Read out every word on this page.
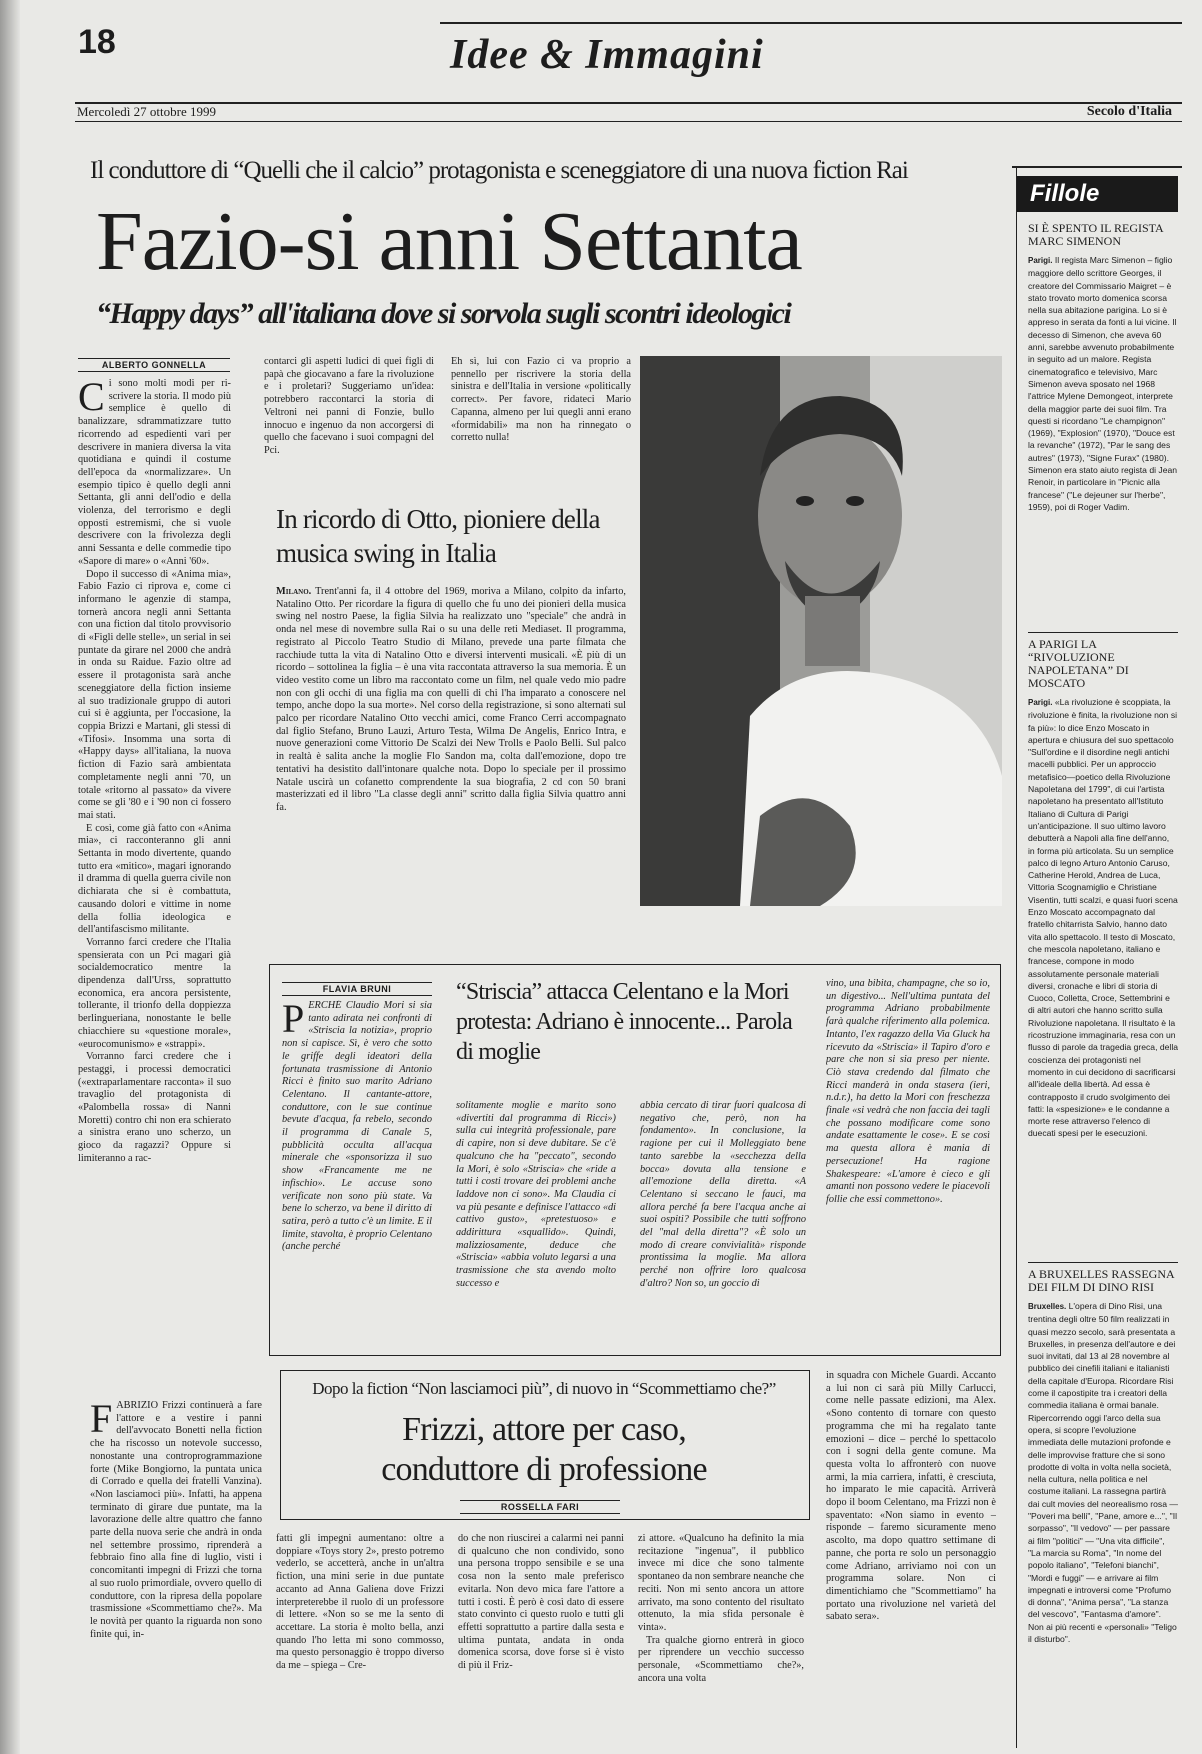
18	Idee & Immagini
Mercoledì 27 ottobre 1999	Secolo d'Italia
Il conduttore di “Quelli che il calcio” protagonista e sceneggiatore di una nuova fiction Rai
Fazio-si anni Settanta
“Happy days” all'italiana dove si sorvola sugli scontri ideologici
ALBERTO GONNELLA
C i sono molti modi per ri-scrivere la storia. Il modo più semplice è quello di banalizzare, sdrammatizzare tutto ricorrendo ad espedienti vari per descrivere in maniera diversa la vita quotidiana e quindi il costume dell'epoca da «normalizzare». Un esempio tipico è quello degli anni Settanta, gli anni dell'odio e della violenza, del terrorismo e degli opposti estremismi, che si vuole descrivere con la frivolezza degli anni Sessanta e delle commedie tipo «Sapore di mare» o «Anni '60».

Dopo il successo di «Anima mia», Fabio Fazio ci riprova e, come ci informano le agenzie di stampa, tornerà ancora negli anni Settanta con una fiction dal titolo provvisorio di «Figli delle stelle», un serial in sei puntate da girare nel 2000 che andrà in onda su Raidue. Fazio oltre ad essere il protagonista sarà anche sceneggiatore della fiction insieme al suo tradizionale gruppo di autori cui si è aggiunta, per l'occasione, la coppia Brizzi e Martani, gli stessi di «Tifosi». Insomma una sorta di «Happy days» all'italiana, la nuova fiction di Fazio sarà ambientata completamente negli anni '70, un totale «ritorno al passato» da vivere come se gli '80 e i '90 non ci fossero mai stati.

E così, come già fatto con «Anima mia», ci racconteranno gli anni Settanta in modo divertente, quando tutto era «mitico», magari ignorando il dramma di quella guerra civile non dichiarata che si è combattuta, causando dolori e vittime in nome della follia ideologica e dell'antifascismo militante.

Vorranno farci credere che l'Italia spensierata con un Pci magari già socialdemocratico mentre la dipendenza dall'Urss, soprattutto economica, era ancora persistente, tollerante, il trionfo della doppiezza berlingueriana, nonostante le belle chiacchiere su «questione morale», «eurocomunismo» e «strappi».

Vorranno farci credere che i pestaggi, i processi democratici («extraparlamentare racconta» il suo travaglio del protagonista di «Palombella rossa» di Nanni Moretti) contro chi non era schierato a sinistra erano uno scherzo, un gioco da ragazzi? Oppure si limiteranno a rac-

contarci gli aspetti ludici di quei figli di papà che giocavano a fare la rivoluzione e i proletari? Suggeriamo un'idea: potrebbero raccontarci la storia di Veltroni nei panni di Fonzie, bullo innocuo e ingenuo da non accorgersi di quello che facevano i suoi compagni del Pci.

Eh sì, lui con Fazio ci va proprio a pennello per riscrivere la storia della sinistra e dell'Italia in versione «politically correct». Per favore, ridateci Mario Capanna, almeno per lui quegli anni erano «formidabili» ma non ha rinnegato o corretto nulla!

In ricordo di Otto, pioniere della musica swing in Italia

Milano. Trent'anni fa, il 4 ottobre del 1969, moriva a Milano, colpito da infarto, Natalino Otto. Per ricordare la figura di quello che fu uno dei pionieri della musica swing nel nostro Paese, la figlia Silvia ha realizzato uno "speciale" che andrà in onda nel mese di novembre sulla Rai o su una delle reti Mediaset. Il programma, registrato al Piccolo Teatro Studio di Milano, prevede una parte filmata che racchiude tutta la vita di Natalino Otto e diversi interventi musicali. «È più di un ricordo – sottolinea la figlia – è una vita raccontata attraverso la sua memoria. È un video vestito come un libro ma raccontato come un film, nel quale vedo mio padre non con gli occhi di una figlia ma con quelli di chi l'ha imparato a conoscere nel tempo, anche dopo la sua morte». Nel corso della registrazione, si sono alternati sul palco per ricordare Natalino Otto vecchi amici, come Franco Cerri accompagnato dal figlio Stefano, Bruno Lauzi, Arturo Testa, Wilma De Angelis, Enrico Intra, e nuove generazioni come Vittorio De Scalzi dei New Trolls e Paolo Belli. Sul palco in realtà è salita anche la moglie Flo Sandon ma, colta dall'emozione, dopo tre tentativi ha desistito dall'intonare qualche nota. Dopo lo speciale per il prossimo Natale uscirà un cofanetto comprendente la sua biografia, 2 cd con 50 brani masterizzati ed il libro "La classe degli anni" scritto dalla figlia Silvia quattro anni fa.

FLAVIA BRUNI	“Striscia” attacca Celentano e la Mori protesta: Adriano è innocente... Parola di moglie
P ERCHÉ Claudio Mori si sia tanto adirata nei confronti di «Striscia la notizia», proprio non si capisce. Sì, è vero che sotto le griffe degli ideatori della fortunata trasmissione di Antonio Ricci è finito suo marito Adriano Celentano. Il cantante-attore, conduttore, con le sue continue bevute d'acqua, fa rebelo, secondo il programma di Canale 5, pubblicità occulta all'acqua minerale che «sponsorizza il suo show «Francamente me ne infischio». Le accuse sono verificate non sono più state. Va bene lo scherzo, va bene il diritto di satira, però a tutto c'è un limite. E il limite, stavolta, è proprio Celentano (anche perché

solitamente moglie e marito sono «divertiti dal programma di Ricci») sulla cui integrità professionale, pare di capire, non si deve dubitare. Se c'è qualcuno che ha "peccato", secondo la Mori, è solo «Striscia» che «ride a tutti i costi trovare dei problemi anche laddove non ci sono». Ma Claudia ci va più pesante e definisce l'attacco «di cattivo gusto», «pretestuoso» e addirittura «squallido». Quindi, malizziosamente, deduce che «Striscia» «abbia voluto legarsi a una trasmissione che sta avendo molto successo e

abbia cercato di tirar fuori qualcosa di negativo che, però, non ha fondamento». In conclusione, la ragione per cui il Molleggiato bene tanto sarebbe la «secchezza della bocca» dovuta alla tensione e all'emozione della diretta. «A Celentano si seccano le fauci, ma allora perché fa bere l'acqua anche ai suoi ospiti? Possibile che tutti soffrono del "mal della diretta"? «È solo un modo di creare convivialità» risponde prontissima la moglie. Ma allora perché non offrire loro qualcosa d'altro? Non so, un goccio di

vino, una bibita, champagne, che so io, un digestivo... Nell'ultima puntata del programma Adriano probabilmente farà qualche riferimento alla polemica. Intanto, l'ex ragazzo della Via Gluck ha ricevuto da «Striscia» il Tapiro d'oro e pare che non si sia preso per niente. Ciò stava credendo dal filmato che Ricci manderà in onda stasera (ieri, n.d.r.), ha detto la Mori con freschezza finale «si vedrà che non faccia dei tagli che possano modificare come sono andate esattamente le cose». E se così ma questa allora è mania di persecuzione! Ha ragione Shakespeare: «L'amore è cieco e gli amanti non possono vedere le piacevoli follie che essi commettono».

Dopo la fiction “Non lasciamoci più”, di nuovo in “Scommettiamo che?”
Frizzi, attore per caso, conduttore di professione
ROSSELLA FARI
F ABRIZIO Frizzi continuerà a fare l'attore e a vestire i panni dell'avvocato Bonetti nella fiction che ha riscosso un notevole successo, nonostante una controprogrammazione forte (Mike Bongiorno, la puntata unica di Corrado e quella dei fratelli Vanzina). «Non lasciamoci più». Infatti, ha appena terminato di girare due puntate, ma la lavorazione delle altre quattro che fanno parte della nuova serie che andrà in onda nel settembre prossimo, riprenderà a febbraio fino alla fine di luglio, visti i concomitanti impegni di Frizzi che torna al suo ruolo primordiale, ovvero quello di conduttore, con la ripresa della popolare trasmissione «Scommettiamo che?». Ma le novità per quanto la riguarda non sono finite qui, in-

fatti gli impegni aumentano: oltre a doppiare «Toys story 2», presto potremo vederlo, se accetterà, anche in un'altra fiction, una mini serie in due puntate accanto ad Anna Galiena dove Frizzi interpreterebbe il ruolo di un professore di lettere. «Non so se me la sento di accettare. La storia è molto bella, anzi quando l'ho letta mi sono commosso, ma questo personaggio è troppo diverso da me – spiega – Cre-

do che non riuscirei a calarmi nei panni di qualcuno che non condivido, sono una persona troppo sensibile e se una cosa non la sento male preferisco evitarla. Non devo mica fare l'attore a tutti i costi. È però è così dato di essere stato convinto ci questo ruolo e tutti gli effetti soprattutto a partire dalla sesta e ultima puntata, andata in onda domenica scorsa, dove forse si è visto di più il Friz-

zi attore. «Qualcuno ha definito la mia recitazione "ingenua", il pubblico invece mi dice che sono talmente spontaneo da non sembrare neanche che reciti. Non mi sento ancora un attore arrivato, ma sono contento del risultato ottenuto, la mia sfida personale è vinta».

Tra qualche giorno entrerà in gioco per riprendere un vecchio successo personale, «Scommettiamo che?», ancora una volta

in squadra con Michele Guardì. Accanto a lui non ci sarà più Milly Carlucci, come nelle passate edizioni, ma Alex. «Sono contento di tornare con questo programma che mi ha regalato tante emozioni – dice – perché lo spettacolo con i sogni della gente comune. Ma questa volta lo affronterò con nuove armi, la mia carriera, infatti, è cresciuta, ho imparato le mie capacità. Arriverà dopo il boom Celentano, ma Frizzi non è spaventato: «Non siamo in evento – risponde – faremo sicuramente meno ascolto, ma dopo quattro settimane di panne, che porta re solo un personaggio come Adriano, arriviamo noi con un programma solare. Non ci dimentichiamo che "Scommettiamo" ha portato una rivoluzione nel varietà del sabato sera».

Fillole
SI È SPENTO IL REGISTA MARC SIMENON
Parigi. Il regista Marc Simenon – figlio maggiore dello scrittore Georges, il creatore del Commissario Maigret – è stato trovato morto domenica scorsa nella sua abitazione parigina. Lo si è appreso in serata da fonti a lui vicine. Il decesso di Simenon, che aveva 60 anni, sarebbe avvenuto probabilmente in seguito ad un malore. Regista cinematografico e televisivo, Marc Simenon aveva sposato nel 1968 l'attrice Mylene Demongeot, interprete della maggior parte dei suoi film. Tra questi si ricordano "Le champignon" (1969), "Explosion" (1970), "Douce est la revanche" (1972), "Par le sang des autres" (1973), "Signe Furax" (1980). Simenon era stato aiuto regista di Jean Renoir, in particolare in "Picnic alla francese" ("Le dejeuner sur l'herbe", 1959), poi di Roger Vadim.
A PARIGI LA “RIVOLUZIONE NAPOLETANA” DI MOSCATO
Parigi. «La rivoluzione è scoppiata, la rivoluzione è finita, la rivoluzione non si fa più»: lo dice Enzo Moscato in apertura e chiusura del suo spettacolo "Sull'ordine e il disordine negli antichi macelli pubblici. Per un approccio metafisico—poetico della Rivoluzione Napoletana del 1799", di cui l'artista napoletano ha presentato all'Istituto Italiano di Cultura di Parigi un'anticipazione. Il suo ultimo lavoro debutterà a Napoli alla fine dell'anno, in forma più articolata. Su un semplice palco di legno Arturo Antonio Caruso, Catherine Herold, Andrea de Luca, Vittoria Scognamiglio e Christiane Visentin, tutti scalzi, e quasi fuori scena Enzo Moscato accompagnato dal fratello chitarrista Salvio, hanno dato vita allo spettacolo. Il testo di Moscato, che mescola napoletano, italiano e francese, compone in modo assolutamente personale materiali diversi, cronache e libri di storia di Cuoco, Colletta, Croce, Settembrini e di altri autori che hanno scritto sulla Rivoluzione napoletana. Il risultato è la ricostruzione immaginaria, resa con un flusso di parole da tragedia greca, della coscienza dei protagonisti nel momento in cui decidono di sacrificarsi all'ideale della libertà. Ad essa è contrapposto il crudo svolgimento dei fatti: la «spesizione» e le condanne a morte rese attraverso l'elenco di duecati spesi per le esecuzioni.
A BRUXELLES RASSEGNA DEI FILM DI DINO RISI
Bruxelles. L'opera di Dino Risi, una trentina degli oltre 50 film realizzati in quasi mezzo secolo, sarà presentata a Bruxelles, in presenza dell'autore e dei suoi invitati, dal 13 al 28 novembre al pubblico dei cinefili italiani e italianisti della capitale d'Europa. Ricordare Risi come il capostipite tra i creatori della commedia italiana è ormai banale. Ripercorrendo oggi l'arco della sua opera, si scopre l'evoluzione immediata delle mutazioni profonde e delle improvvise fratture che si sono prodotte di volta in volta nella società, nella cultura, nella politica e nel costume italiani. La rassegna partirà dai cult movies del neorealismo rosa — "Poveri ma belli", "Pane, amore e...", "Il sorpasso", "Il vedovo" — per passare ai film "politici" — "Una vita difficile", "La marcia su Roma", "In nome del popolo italiano", "Telefoni bianchi", "Mordi e fuggi" — e arrivare ai film impegnati e introversi come "Profumo di donna", "Anima persa", "La stanza del vescovo", "Fantasma d'amore". Non ai più recenti e «personali» "Teligo il disturbo".
